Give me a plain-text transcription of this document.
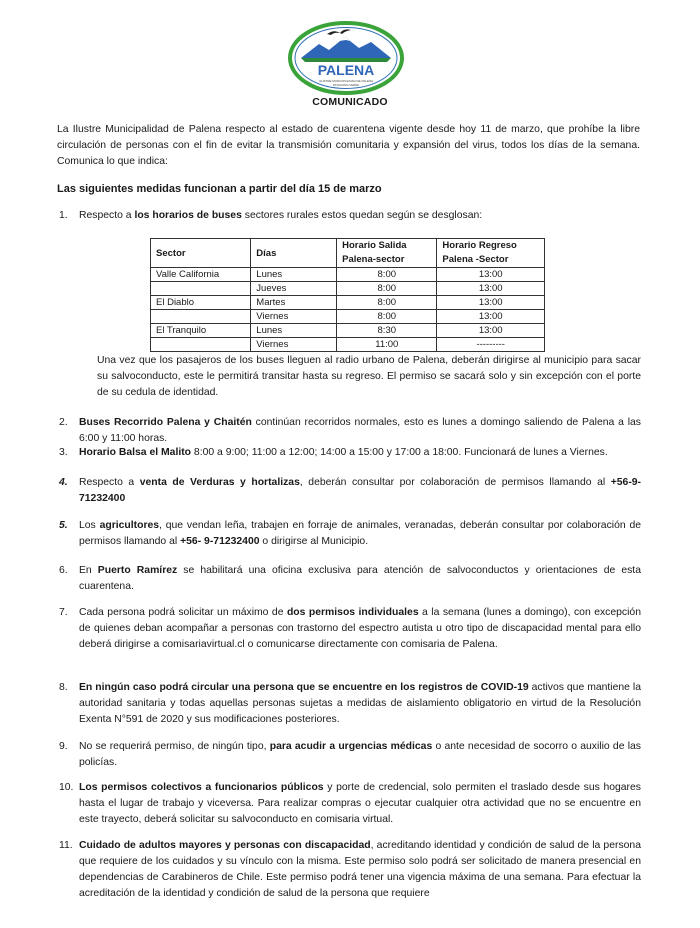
PALENA
ILUSTRE MUNICIPALIDAD DE PALENA
PATAGONIA VERDE
COMUNICADO
La Ilustre Municipalidad de Palena respecto al estado de cuarentena vigente desde hoy 11 de marzo, que prohíbe la libre circulación de personas con el fin de evitar la transmisión comunitaria y expansión del virus, todos los días de la semana. Comunica lo que indica:
Las siguientes medidas funcionan a partir del día 15 de marzo
1.	Respecto a los horarios de buses sectores rurales estos quedan según se desglosan:
Sector	Días	Horario Salida Palena-sector	Horario Regreso Palena -Sector
Valle California	Lunes	8:00	13:00
	Jueves	8:00	13:00
El Diablo	Martes	8:00	13:00
	Viernes	8:00	13:00
El Tranquilo	Lunes	8:30	13:00
	Viernes	11:00	---------
Una vez que los pasajeros de los buses lleguen al radio urbano de Palena, deberán dirigirse al municipio para sacar su salvoconducto, este le permitirá transitar hasta su regreso. El permiso se sacará solo y sin excepción con el porte de su cedula de identidad.
2.	Buses Recorrido Palena y Chaitén continúan recorridos normales, esto es lunes a domingo saliendo de Palena a las 6:00 y 11:00 horas.
3.	Horario Balsa el Malito 8:00 a 9:00; 11:00 a 12:00; 14:00 a 15:00 y 17:00 a 18:00. Funcionará de lunes a Viernes.
4.	Respecto a venta de Verduras y hortalizas, deberán consultar por colaboración de permisos llamando al +56-9-71232400
5.	Los agricultores, que vendan leña, trabajen en forraje de animales, veranadas, deberán consultar por colaboración de permisos llamando al +56- 9-71232400 o dirigirse al Municipio.
6.	En Puerto Ramírez se habilitará una oficina exclusiva para atención de salvoconductos y orientaciones de esta cuarentena.
7.	Cada persona podrá solicitar un máximo de dos permisos individuales a la semana (lunes a domingo), con excepción de quienes deban acompañar a personas con trastorno del espectro autista u otro tipo de discapacidad mental para ello deberá dirigirse a comisariavirtual.cl o comunicarse directamente con comisaria de Palena.
8.	En ningún caso podrá circular una persona que se encuentre en los registros de COVID-19 activos que mantiene la autoridad sanitaria y todas aquellas personas sujetas a medidas de aislamiento obligatorio en virtud de la Resolución Exenta N°591 de 2020 y sus modificaciones posteriores.
9.	No se requerirá permiso, de ningún tipo, para acudir a urgencias médicas o ante necesidad de socorro o auxilio de las policías.
10. Los permisos colectivos a funcionarios públicos y porte de credencial, solo permiten el traslado desde sus hogares hasta el lugar de trabajo y viceversa. Para realizar compras o ejecutar cualquier otra actividad que no se encuentre en este trayecto, deberá solicitar su salvoconducto en comisaria virtual.
11. Cuidado de adultos mayores y personas con discapacidad, acreditando identidad y condición de salud de la persona que requiere de los cuidados y su vínculo con la misma. Este permiso solo podrá ser solicitado de manera presencial en dependencias de Carabineros de Chile. Este permiso podrá tener una vigencia máxima de una semana. Para efectuar la acreditación de la identidad y condición de salud de la persona que requiere
